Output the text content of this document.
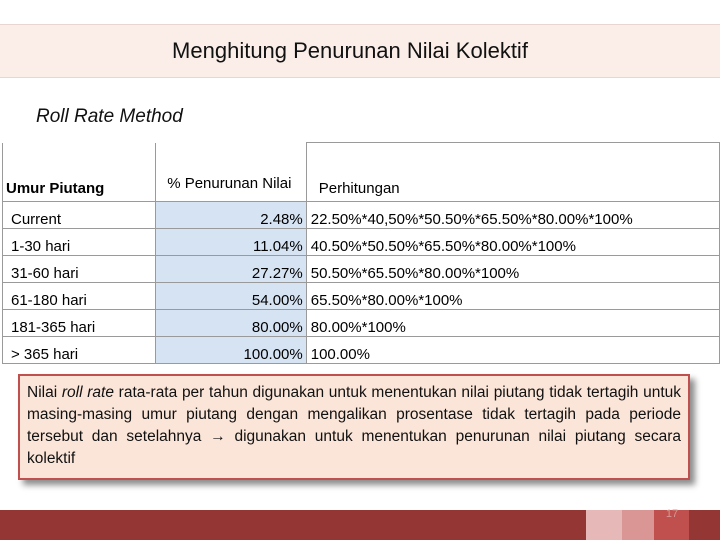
Menghitung Penurunan Nilai Kolektif
Roll Rate Method
Umur Piutang	% Penurunan Nilai	Perhitungan
Current	2.48%	22.50%*40,50%*50.50%*65.50%*80.00%*100%
1-30 hari	11.04%	40.50%*50.50%*65.50%*80.00%*100%
31-60 hari	27.27%	50.50%*65.50%*80.00%*100%
61-180 hari	54.00%	65.50%*80.00%*100%
181-365 hari	80.00%	80.00%*100%
> 365 hari	100.00%	100.00%
Nilai roll rate rata-rata per tahun digunakan untuk menentukan nilai piutang tidak tertagih untuk masing-masing umur piutang dengan mengalikan prosentase tidak tertagih pada periode tersebut dan setelahnya → digunakan untuk menentukan penurunan nilai piutang secara kolektif
17
